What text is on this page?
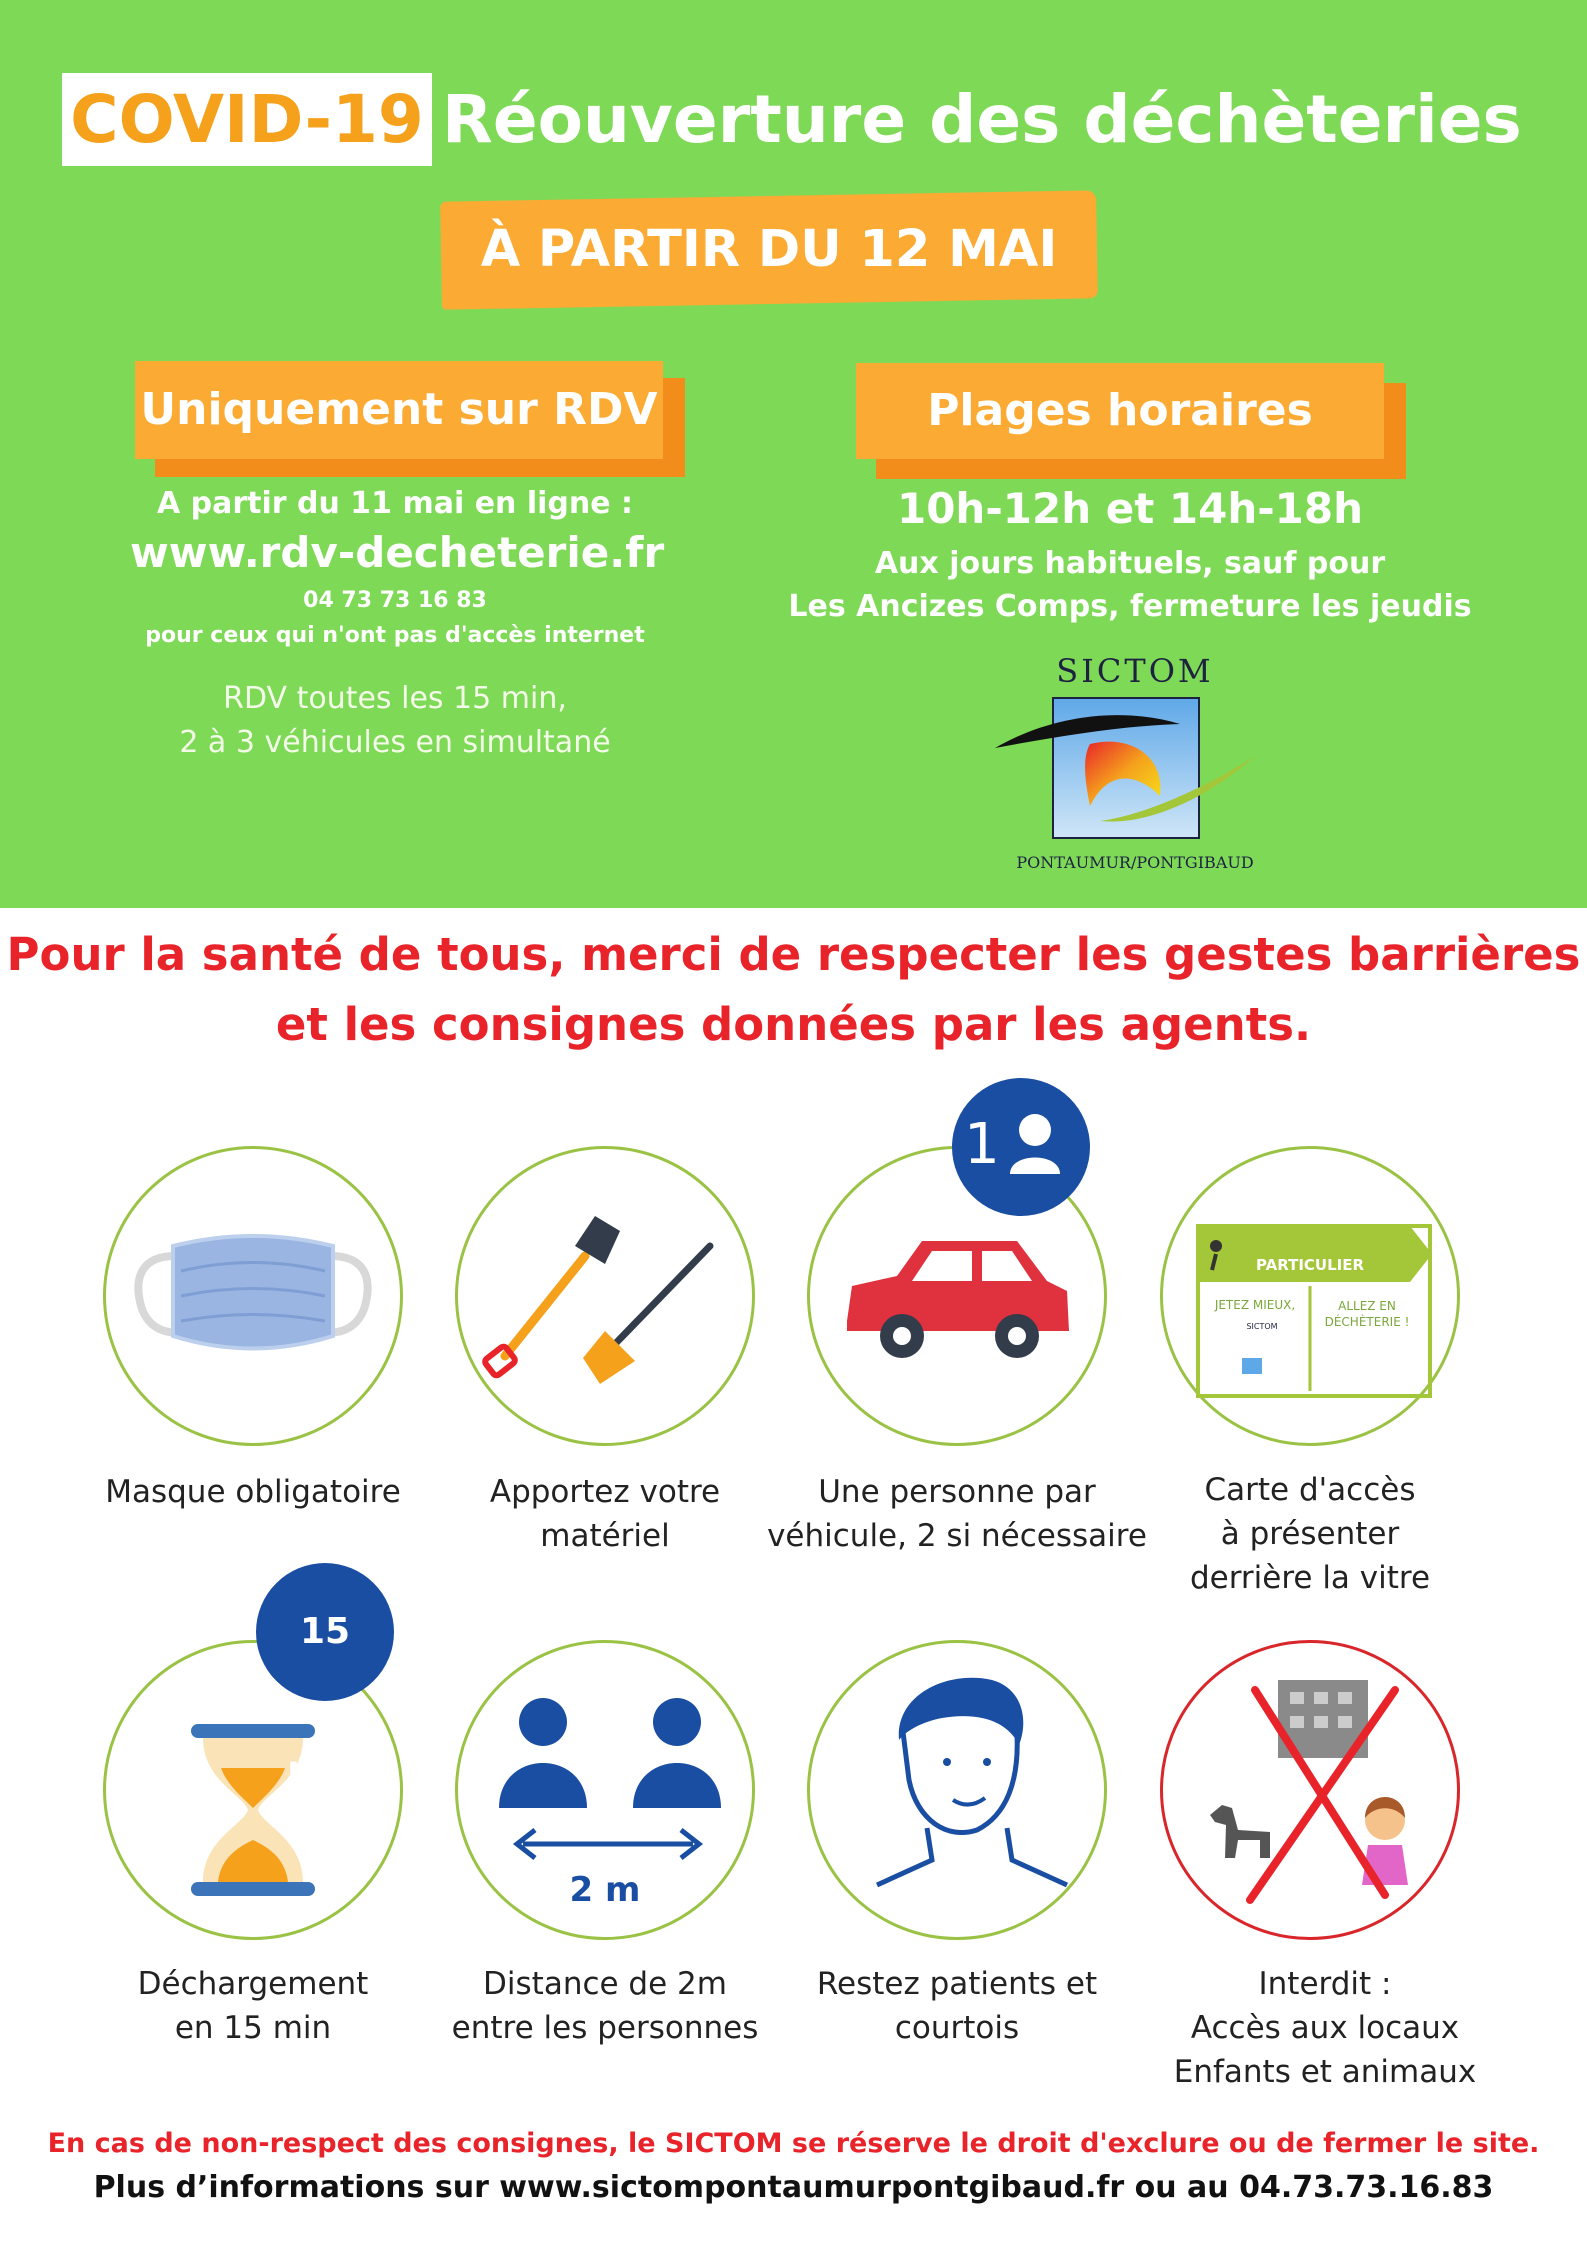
COVID-19 Réouverture des déchèteries
À PARTIR DU 12 MAI
Uniquement sur RDV
A partir du 11 mai en ligne :
www.rdv-decheterie.fr
04 73 73 16 83
pour ceux qui n'ont pas d'accès internet
RDV toutes les 15 min,
2 à 3 véhicules en simultané
Plages horaires
10h-12h et 14h-18h
Aux jours habituels, sauf pour
Les Ancizes Comps, fermeture les jeudis
SICTOM
PONTAUMUR/PONTGIBAUD
Pour la santé de tous, merci de respecter les gestes barrières
et les consignes données par les agents.
1
PARTICULIER
JETEZ MIEUX,	ALLEZ EN DÉCHÈTERIE !
SICTOM
Masque obligatoire	Apportez votre
matériel
Une personne par
véhicule, 2 si nécessaire
Carte d'accès
à présenter
derrière la vitre
15 min
2 m
Déchargement
en 15 min
Distance de 2m
entre les personnes
Restez patients et
courtois
Interdit :
Accès aux locaux
Enfants et animaux
En cas de non-respect des consignes, le SICTOM se réserve le droit d'exclure ou de fermer le site.
Plus d’informations sur www.sictompontaumurpontgibaud.fr ou au 04.73.73.16.83
